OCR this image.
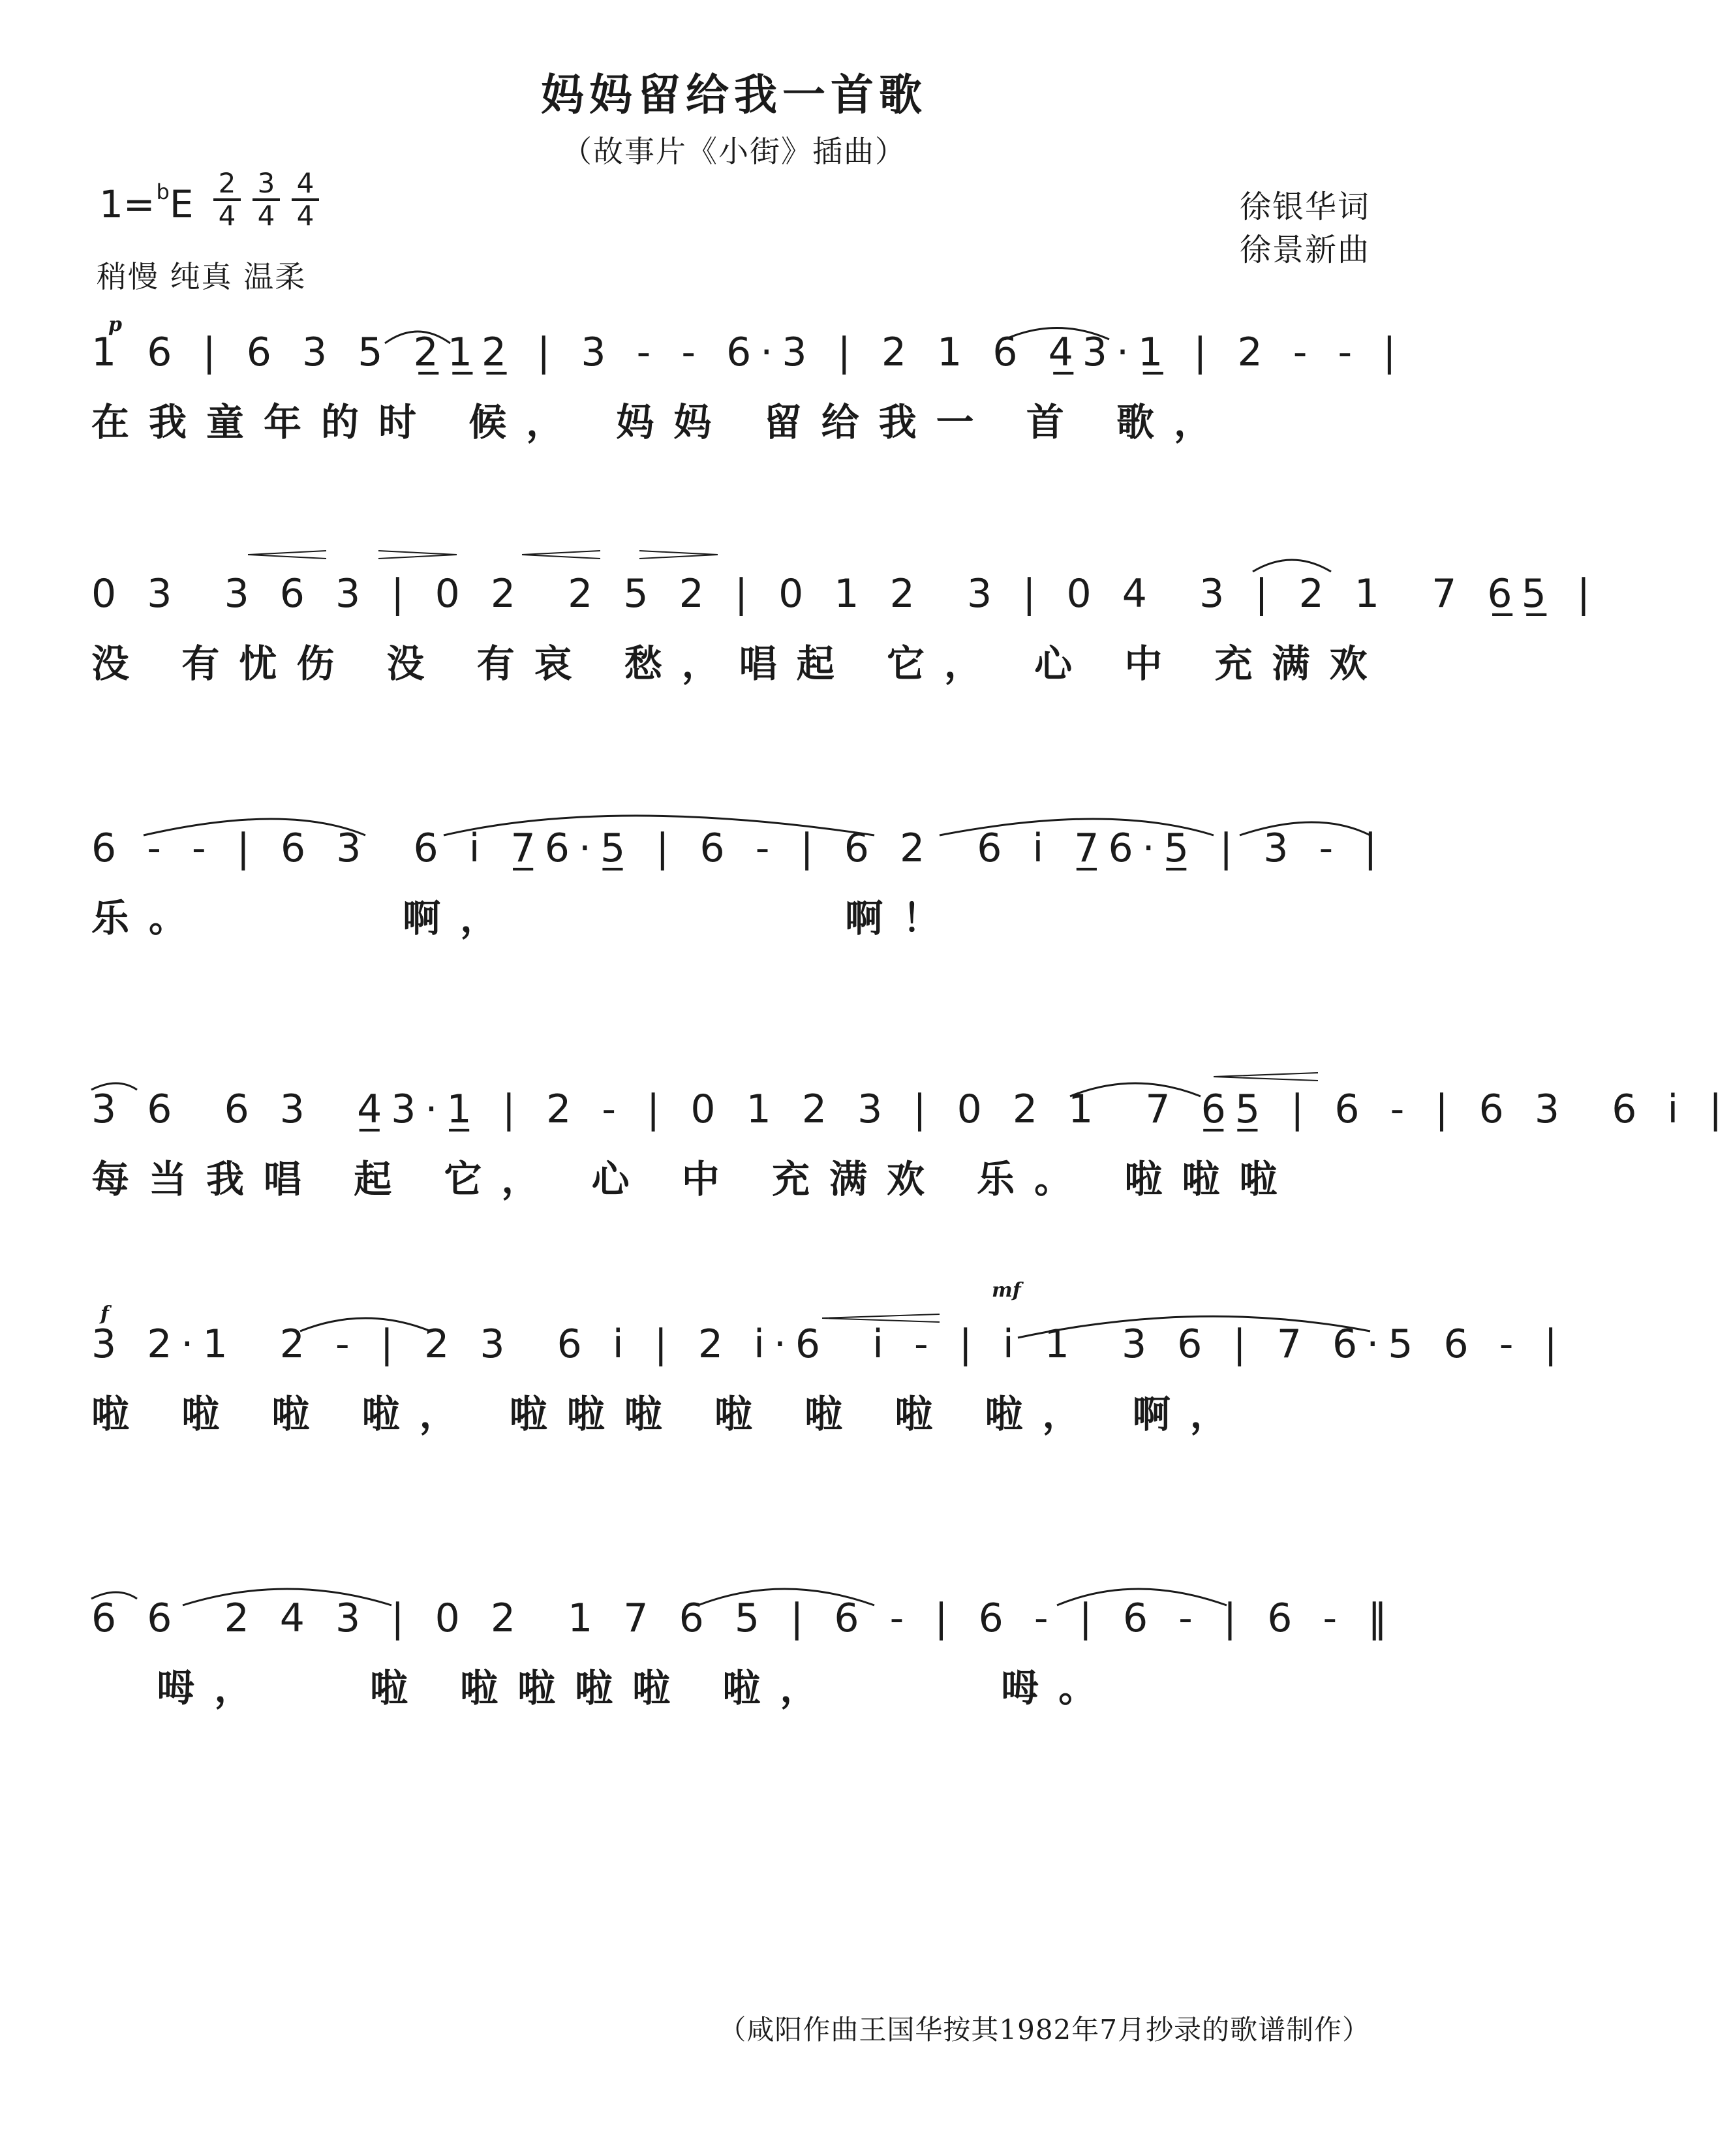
妈妈留给我一首歌
（故事片《小街》插曲）
1=$^b$E 2
4
3
4
4
4
稍慢 纯真 温柔
徐银华词
徐景新曲
p
1 6 | 6 3 5 2̲1̲2̲ | 3 - - 6·3 | 2 1 6 4̲3·1̲ | 2 - - |
在我童年的时 候， 妈妈 留给我一 首 歌，
0 3  3 6 3 | 0 2  2 5 2 | 0 1 2  3 | 0 4  3 | 2 1  7 6̲5̲ |
没 有忧伤 没 有哀 愁，唱起 它， 心 中 充满欢
6 - - | 6 3  6 i 7̲6·5̲ | 6 - | 6 2  6 i 7̲6·5̲ | 3 - |
乐。      啊，          啊！
3 6  6 3  4̲3·1̲ | 2 - | 0 1 2 3 | 0 2 1  7 6̲5̲ | 6 - | 6 3  6 i |
每当我唱 起 它， 心 中 充满欢 乐。 啦啦啦
f
mf
3 2·1  2 - | 2 3  6 i | 2 i·6  i - | i 1  3 6 | 7 6·5 6 - |
啦 啦 啦 啦， 啦啦啦 啦 啦 啦 啦， 啊，
6 6  2 4 3 | 0 2  1 7 6 5 | 6 - | 6 - | 6 - | 6 - ‖
呣，   啦 啦啦啦啦 啦，     呣。
（咸阳作曲王国华按其1982年7月抄录的歌谱制作）
